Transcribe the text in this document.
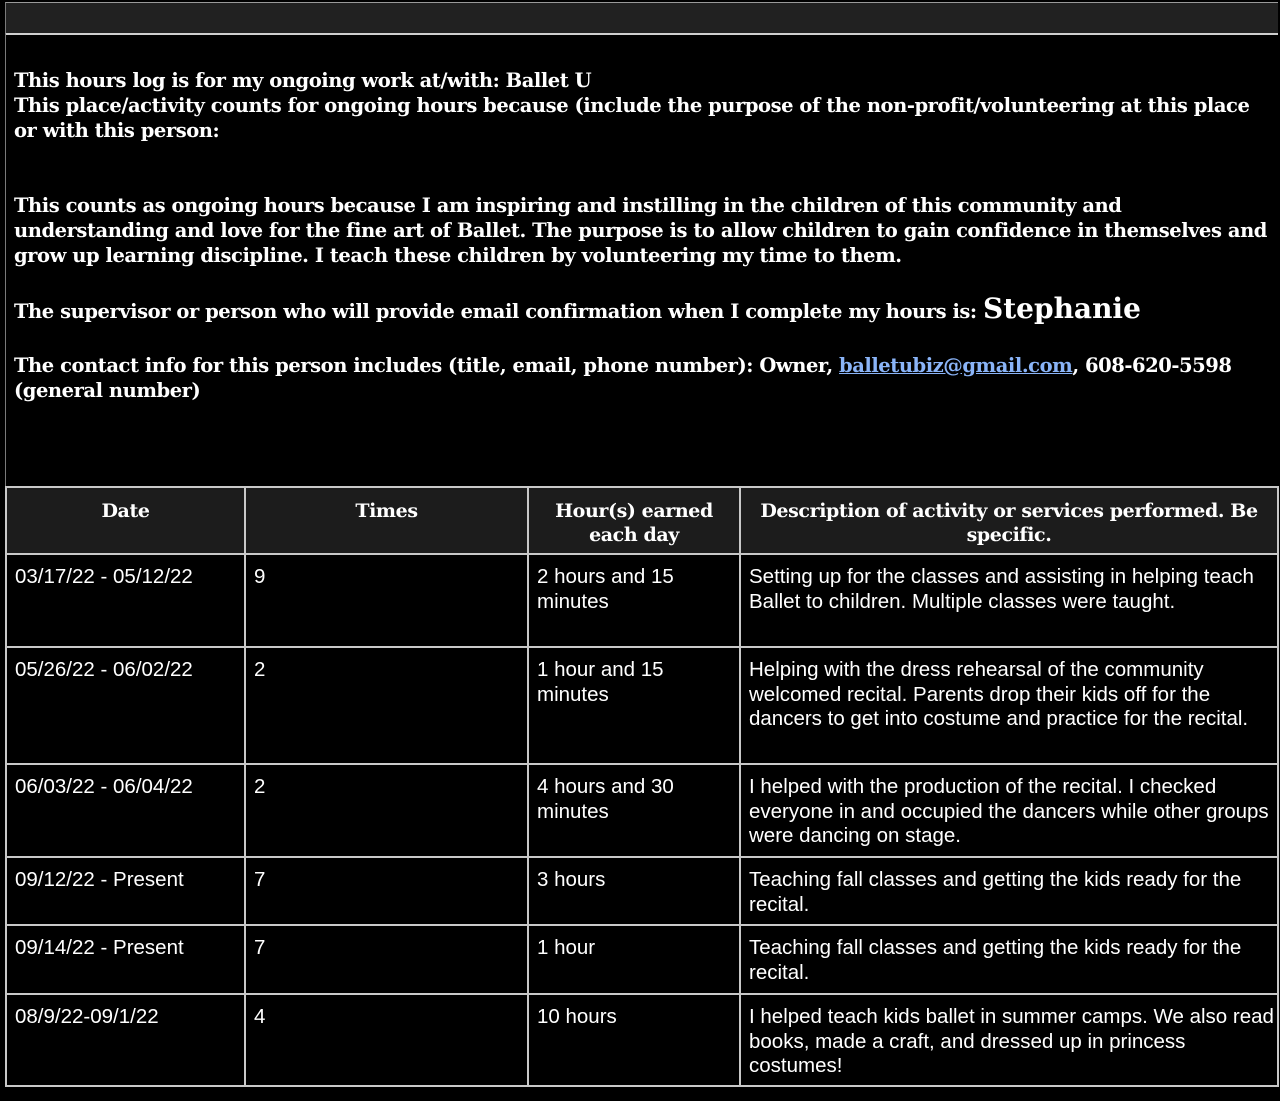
This hours log is for my ongoing work at/with: Ballet U
This place/activity counts for ongoing hours because (include the purpose of the non-profit/volunteering at this place or with this person:
This counts as ongoing hours because I am inspiring and instilling in the children of this community and understanding and love for the fine art of Ballet. The purpose is to allow children to gain confidence in themselves and grow up learning discipline. I teach these children by volunteering my time to them.
The supervisor or person who will provide email confirmation when I complete my hours is: Stephanie
The contact info for this person includes (title, email, phone number): Owner, balletubiz@gmail.com, 608-620-5598 (general number)
Date	Times	Hour(s) earned each day	Description of activity or services performed. Be specific.
03/17/22 - 05/12/22	9	2 hours and 15 minutes	Setting up for the classes and assisting in helping teach Ballet to children. Multiple classes were taught.
05/26/22 - 06/02/22	2	1 hour and 15 minutes	Helping with the dress rehearsal of the community welcomed recital. Parents drop their kids off for the dancers to get into costume and practice for the recital.
06/03/22 - 06/04/22	2	4 hours and 30 minutes	I helped with the production of the recital. I checked everyone in and occupied the dancers while other groups were dancing on stage.
09/12/22 - Present	7	3 hours	Teaching fall classes and getting the kids ready for the recital.
09/14/22 - Present	7	1 hour	Teaching fall classes and getting the kids ready for the recital.
08/9/22-09/1/22	4	10 hours	I helped teach kids ballet in summer camps. We also read books, made a craft, and dressed up in princess costumes!
